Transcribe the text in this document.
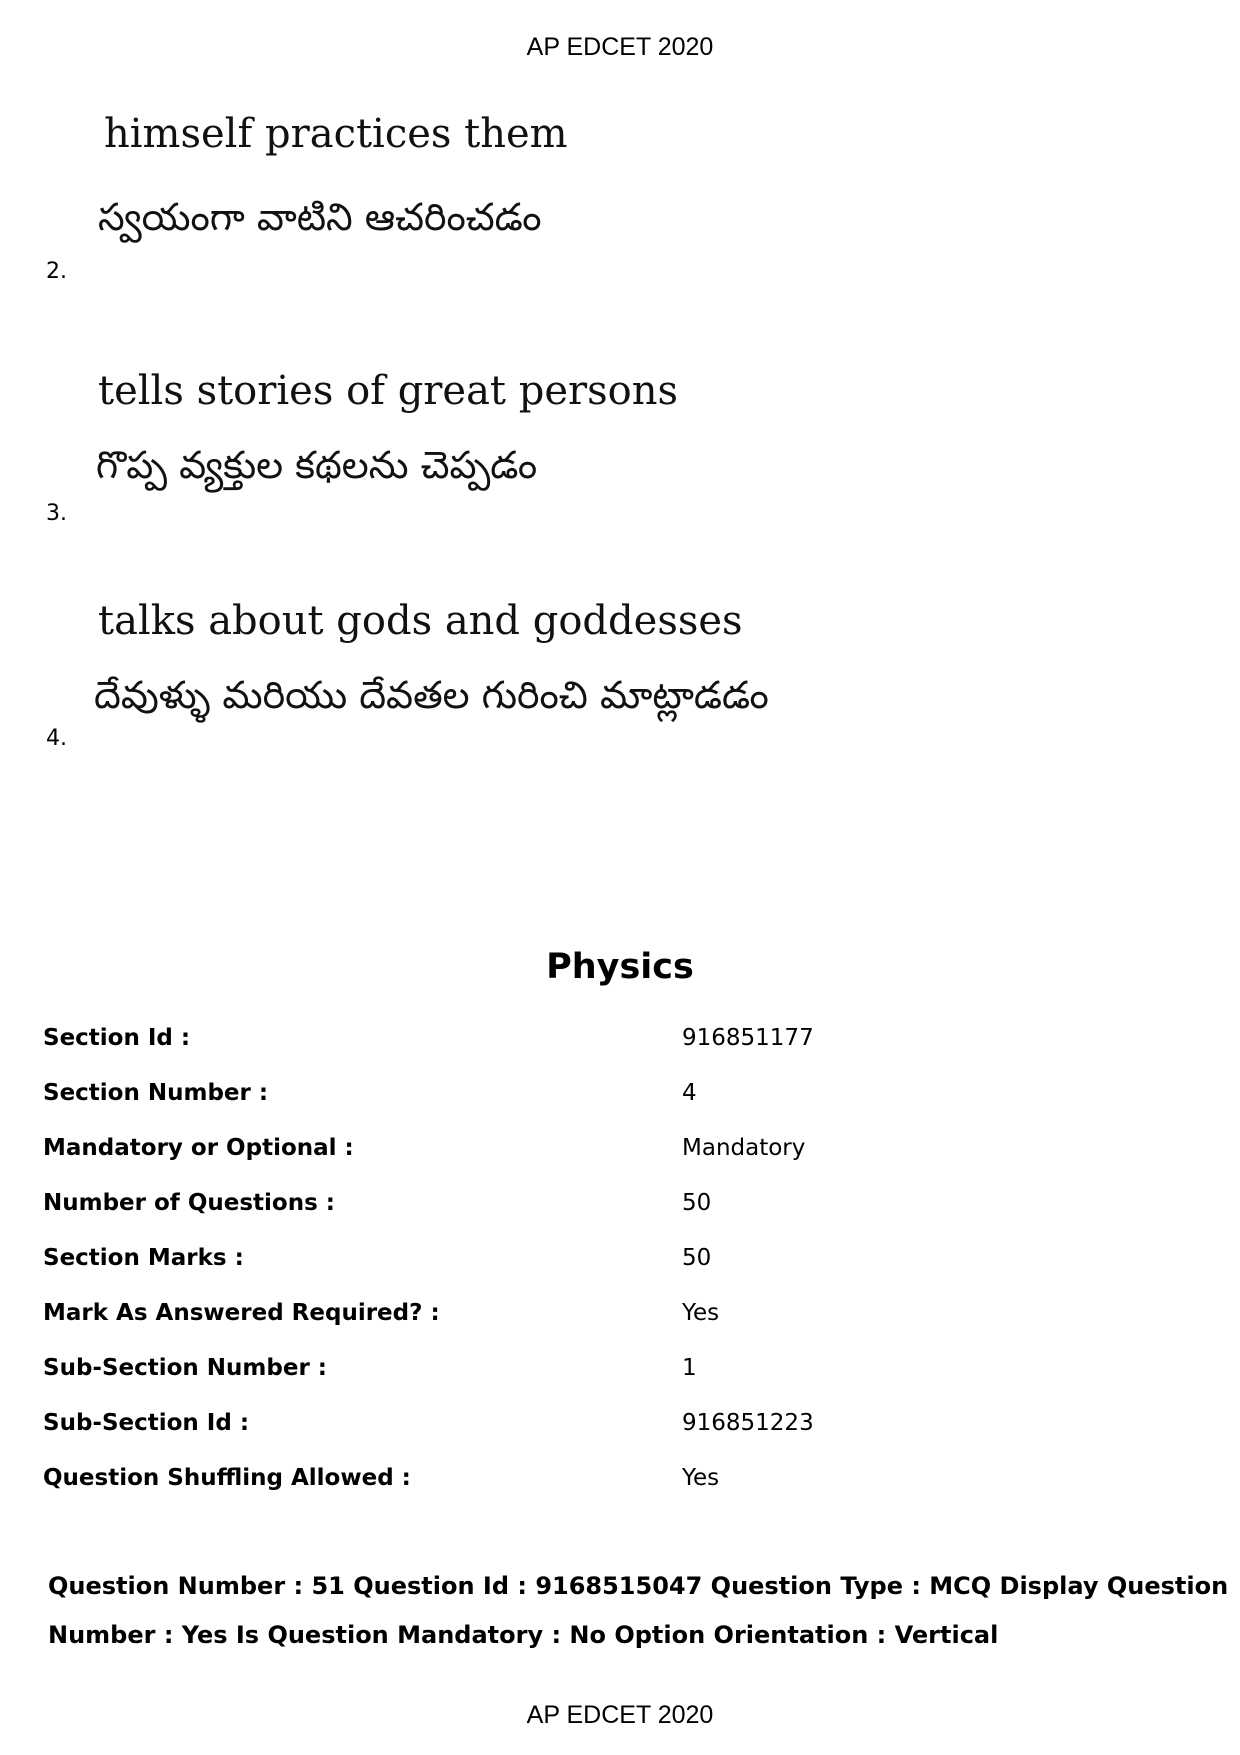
AP EDCET 2020
himself practices them
స్వయంగా వాటిని ఆచరించడం
2.
tells stories of great persons
గొప్ప వ్యక్తుల కథలను చెప్పడం
3.
talks about gods and goddesses
దేవుళ్ళు మరియు దేవతల గురించి మాట్లాడడం
4.
Physics
Section Id :	916851177
Section Number :	4
Mandatory or Optional :	Mandatory
Number of Questions :	50
Section Marks :	50
Mark As Answered Required? :	Yes
Sub-Section Number :	1
Sub-Section Id :	916851223
Question Shuffling Allowed :	Yes
Question Number : 51 Question Id : 9168515047 Question Type : MCQ Display Question
Number : Yes Is Question Mandatory : No Option Orientation : Vertical
AP EDCET 2020
